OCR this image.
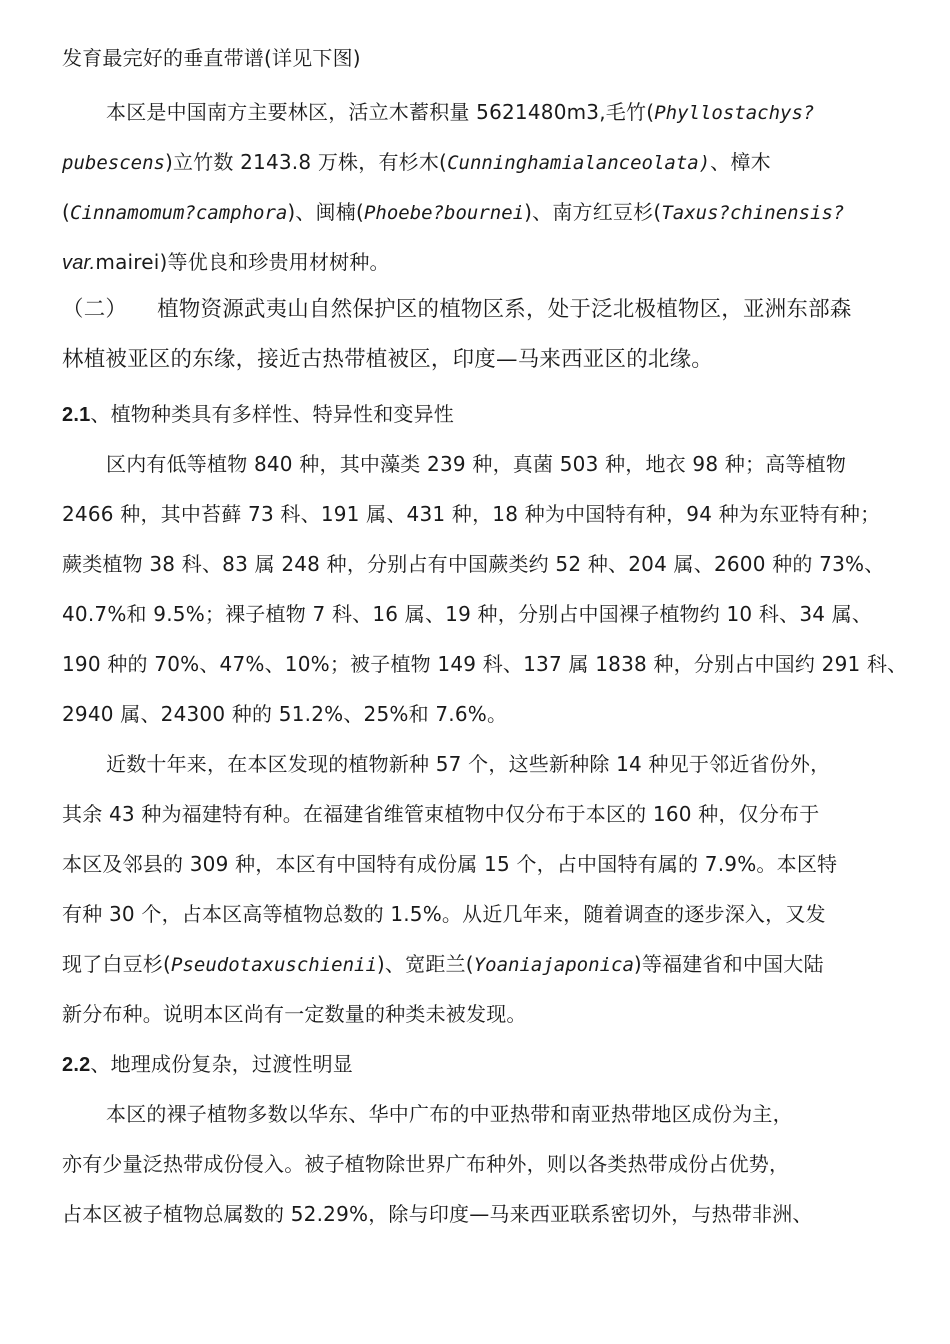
发育最完好的垂直带谱(详见下图)
本区是中国南方主要林区，活立木蓄积量 5621480m3,毛竹(Phyllostachys?
pubescens)立竹数 2143.8 万株，有杉木(Cunninghamialanceolata)、樟木
(Cinnamomum?camphora)、闽楠(Phoebe?bournei)、南方红豆杉(Taxus?chinensis?
var.mairei)等优良和珍贵用材树种。
（二） 植物资源武夷山自然保护区的植物区系，处于泛北极植物区，亚洲东部森
林植被亚区的东缘，接近古热带植被区，印度—马来西亚区的北缘。
2.1、植物种类具有多样性、特异性和变异性
区内有低等植物 840 种，其中藻类 239 种，真菌 503 种，地衣 98 种；高等植物
2466 种，其中苔藓 73 科、191 属、431 种，18 种为中国特有种，94 种为东亚特有种；
蕨类植物 38 科、83 属 248 种，分别占有中国蕨类约 52 种、204 属、2600 种的 73%、
40.7%和 9.5%；裸子植物 7 科、16 属、19 种，分别占中国裸子植物约 10 科、34 属、
190 种的 70%、47%、10%；被子植物 149 科、137 属 1838 种，分别占中国约 291 科、
2940 属、24300 种的 51.2%、25%和 7.6%。
近数十年来，在本区发现的植物新种 57 个，这些新种除 14 种见于邻近省份外，
其余 43 种为福建特有种。在福建省维管束植物中仅分布于本区的 160 种，仅分布于
本区及邻县的 309 种，本区有中国特有成份属 15 个，占中国特有属的 7.9%。本区特
有种 30 个，占本区高等植物总数的 1.5%。从近几年来，随着调查的逐步深入，又发
现了白豆杉(Pseudotaxuschienii)、宽距兰(Yoaniajaponica)等福建省和中国大陆
新分布种。说明本区尚有一定数量的种类未被发现。
2.2、地理成份复杂，过渡性明显
本区的裸子植物多数以华东、华中广布的中亚热带和南亚热带地区成份为主，
亦有少量泛热带成份侵入。被子植物除世界广布种外，则以各类热带成份占优势，
占本区被子植物总属数的 52.29%，除与印度—马来西亚联系密切外，与热带非洲、
